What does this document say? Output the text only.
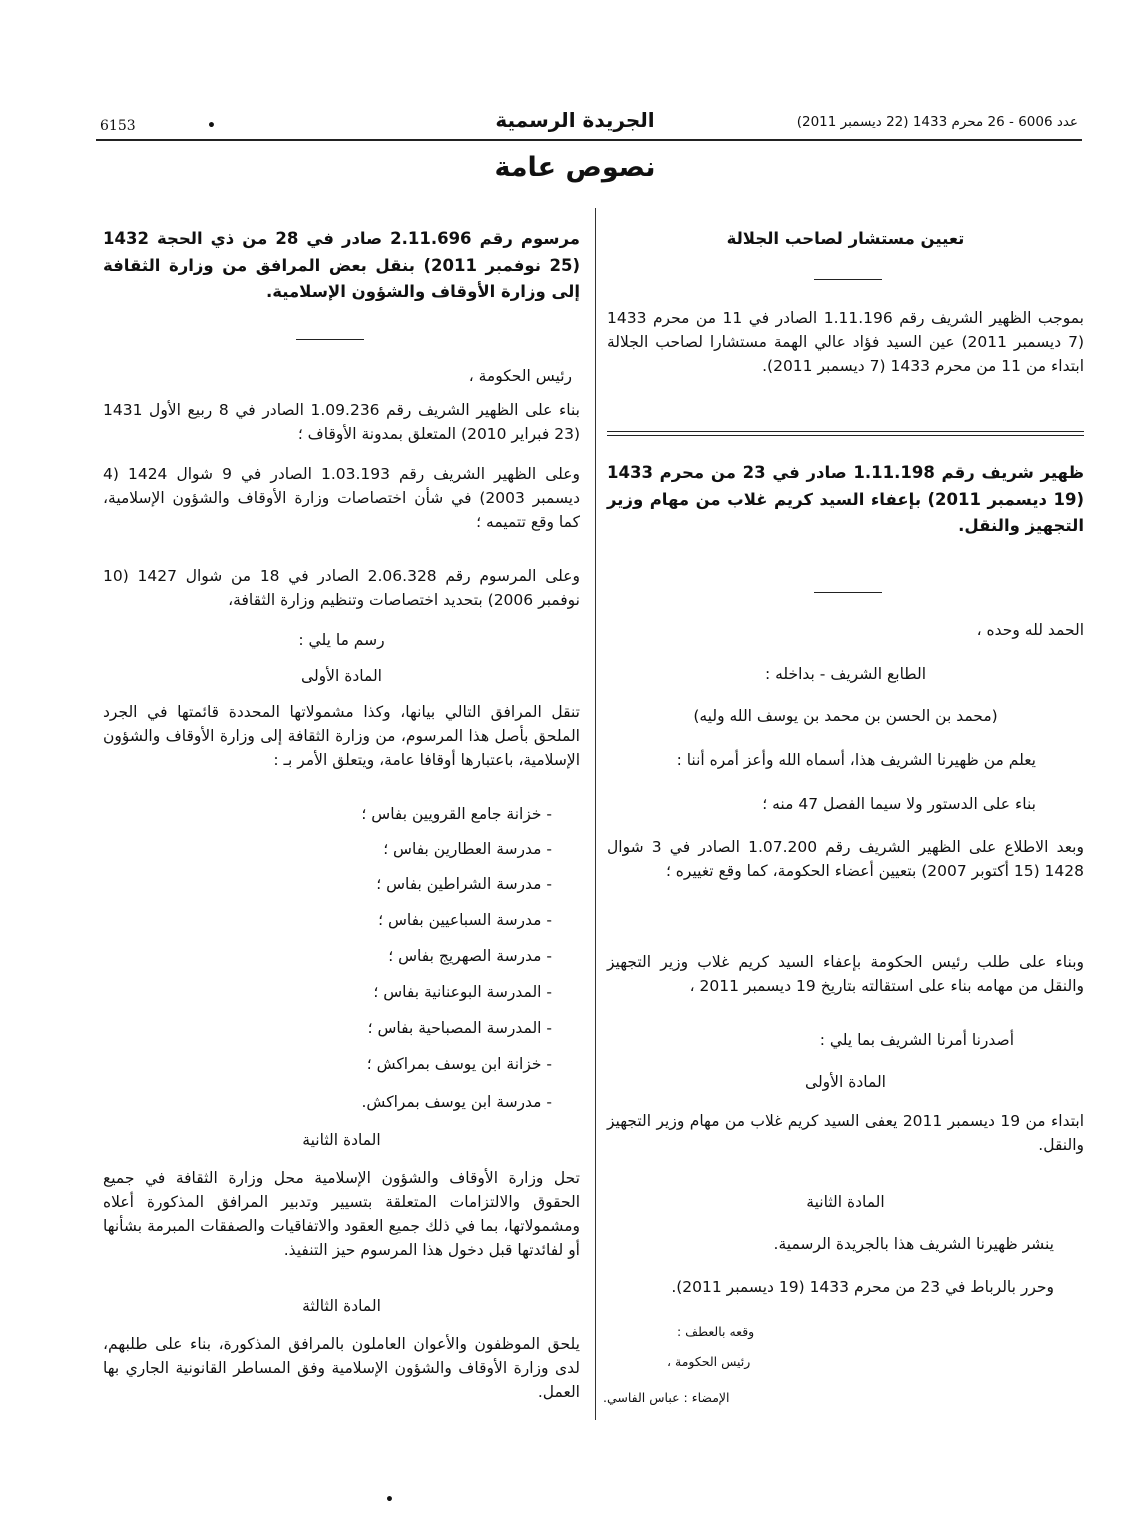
عدد 6006 - 26 محرم 1433 (22 ديسمبر 2011)
الجريدة الرسمية
•
6153
نصوص عامة
تعيين مستشار لصاحب الجلالة
بموجب الظهير الشريف رقم 1.11.196 الصادر في 11 من محرم 1433 (7 ديسمبر 2011) عين السيد فؤاد عالي الهمة مستشارا لصاحب الجلالة ابتداء من 11 من محرم 1433 (7 ديسمبر 2011).
ظهير شريف رقم 1.11.198 صادر في 23 من محرم 1433 (19 ديسمبر 2011) بإعفاء السيد كريم غلاب من مهام وزير التجهيز والنقل.
الحمد لله وحده ،
الطابع الشريف - بداخله :
(محمد بن الحسن بن محمد بن يوسف الله وليه)
يعلم من ظهيرنا الشريف هذا، أسماه الله وأعز أمره أننا :
بناء على الدستور ولا سيما الفصل 47 منه ؛
وبعد الاطلاع على الظهير الشريف رقم 1.07.200 الصادر في 3 شوال 1428 (15 أكتوبر 2007) بتعيين أعضاء الحكومة، كما وقع تغييره ؛
وبناء على طلب رئيس الحكومة بإعفاء السيد كريم غلاب وزير التجهيز والنقل من مهامه بناء على استقالته بتاريخ 19 ديسمبر 2011 ،
أصدرنا أمرنا الشريف بما يلي :
المادة الأولى
ابتداء من 19 ديسمبر 2011 يعفى السيد كريم غلاب من مهام وزير التجهيز والنقل.
المادة الثانية
ينشر ظهيرنا الشريف هذا بالجريدة الرسمية.
وحرر بالرباط في 23 من محرم 1433 (19 ديسمبر 2011).
وقعه بالعطف :
رئيس الحكومة ،
الإمضاء : عباس الفاسي.
مرسوم رقم 2.11.696 صادر في 28 من ذي الحجة 1432 (25 نوفمبر 2011) بنقل بعض المرافق من وزارة الثقافة إلى وزارة الأوقاف والشؤون الإسلامية.
رئيس الحكومة ،
بناء على الظهير الشريف رقم 1.09.236 الصادر في 8 ربيع الأول 1431 (23 فبراير 2010) المتعلق بمدونة الأوقاف ؛
وعلى الظهير الشريف رقم 1.03.193 الصادر في 9 شوال 1424 (4 ديسمبر 2003) في شأن اختصاصات وزارة الأوقاف والشؤون الإسلامية، كما وقع تتميمه ؛
وعلى المرسوم رقم 2.06.328 الصادر في 18 من شوال 1427 (10 نوفمبر 2006) بتحديد اختصاصات وتنظيم وزارة الثقافة،
رسم ما يلي :
المادة الأولى
تنقل المرافق التالي بيانها، وكذا مشمولاتها المحددة قائمتها في الجرد الملحق بأصل هذا المرسوم، من وزارة الثقافة إلى وزارة الأوقاف والشؤون الإسلامية، باعتبارها أوقافا عامة، ويتعلق الأمر بـ :
- خزانة جامع القرويين بفاس ؛
- مدرسة العطارين بفاس ؛
- مدرسة الشراطين بفاس ؛
- مدرسة السباعيين بفاس ؛
- مدرسة الصهريج بفاس ؛
- المدرسة البوعنانية بفاس ؛
- المدرسة المصباحية بفاس ؛
- خزانة ابن يوسف بمراكش ؛
- مدرسة ابن يوسف بمراكش.
المادة الثانية
تحل وزارة الأوقاف والشؤون الإسلامية محل وزارة الثقافة في جميع الحقوق والالتزامات المتعلقة بتسيير وتدبير المرافق المذكورة أعلاه ومشمولاتها، بما في ذلك جميع العقود والاتفاقيات والصفقات المبرمة بشأنها أو لفائدتها قبل دخول هذا المرسوم حيز التنفيذ.
المادة الثالثة
يلحق الموظفون والأعوان العاملون بالمرافق المذكورة، بناء على طلبهم، لدى وزارة الأوقاف والشؤون الإسلامية وفق المساطر القانونية الجاري بها العمل.
•
